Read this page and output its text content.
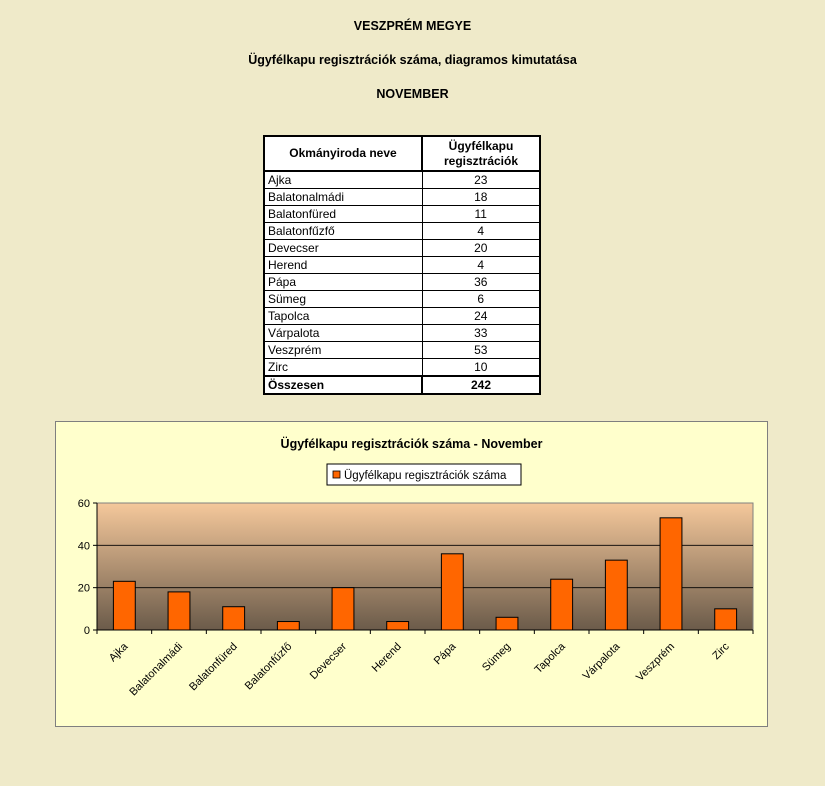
VESZPRÉM MEGYE
Ügyfélkapu regisztrációk száma, diagramos kimutatása
NOVEMBER
Okmányiroda neve	Ügyfélkapu
regisztrációk
Ajka	23
Balatonalmádi	18
Balatonfüred	11
Balatonfűzfő	4
Devecser	20
Herend	4
Pápa	36
Sümeg	6
Tapolca	24
Várpalota	33
Veszprém	53
Zirc	10
Összesen	242
Ügyfélkapu regisztrációk száma - November
Ügyfélkapu regisztrációk száma
0
20
40
60
Ajka
Balatonalmádi Balatonfüred Balatonfűzfő Devecser Herend	Pápa Sümeg Tapolca Várpalota Veszprém	Zirc
